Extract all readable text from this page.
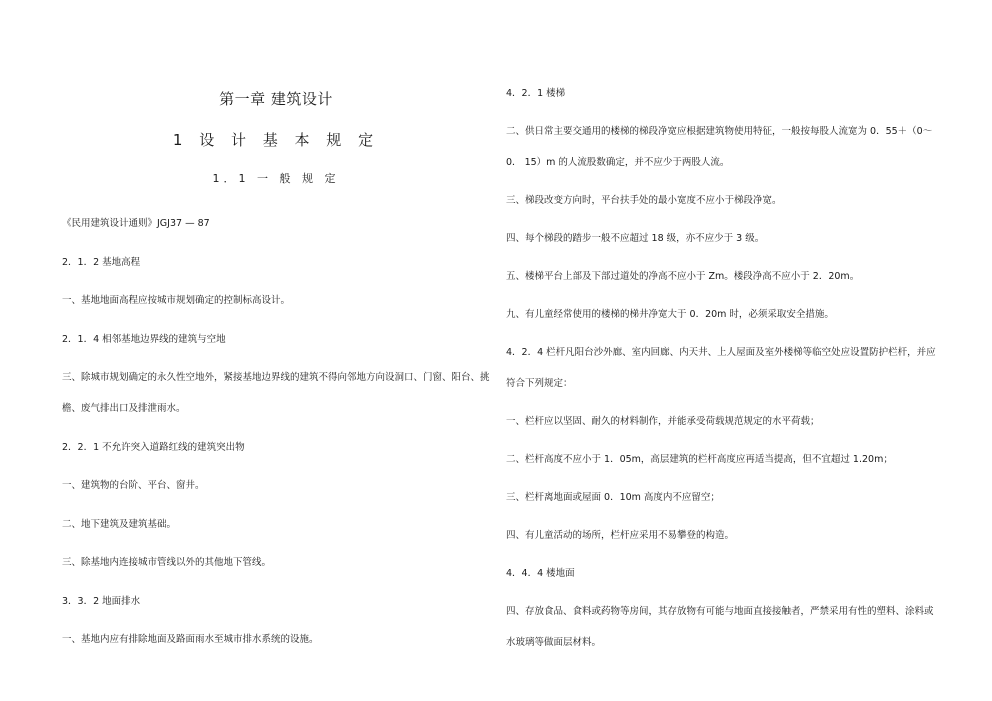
第一章 建筑设计
1 设 计 基 本 规 定
1．1 一 般 规 定
《民用建筑设计通则》JGJ37 — 87
2．1．2 基地高程
一、基地地面高程应按城市规划确定的控制标高设计。
2．1．4 相邻基地边界线的建筑与空地
三、除城市规划确定的永久性空地外，紧接基地边界线的建筑不得向邻地方向设洞口、门窗、阳台、挑檐、废气排出口及排泄雨水。
2．2．1 不允许突入道路红线的建筑突出物
一、建筑物的台阶、平台、窗井。
二、地下建筑及建筑基础。
三、除基地内连接城市管线以外的其他地下管线。
3．3．2 地面排水
一、基地内应有排除地面及路面雨水至城市排水系统的设施。
4．2．1 楼梯
二、供日常主要交通用的楼梯的梯段净宽应根据建筑物使用特征，一般按每股人流宽为 0．55＋（0～0． 15）m 的人流股数确定，并不应少于两股人流。
三、梯段改变方向时，平台扶手处的最小宽度不应小于梯段净宽。
四、每个梯段的踏步一般不应超过 18 级，亦不应少于 3 级。
五、楼梯平台上部及下部过道处的净高不应小于 Zm。楼段净高不应小于 2．20m。
九、有儿童经常使用的楼梯的梯井净宽大于 0．20m 时，必须采取安全措施。
4．2．4 栏杆凡阳台沙外廊、室内回廊、内天井、上人屋面及室外楼梯等临空处应设置防护栏杆，并应符合下列规定：
一、栏杆应以坚固、耐久的材料制作，并能承受荷载规范规定的水平荷载；
二、栏杆高度不应小于 1．05m，高层建筑的栏杆高度应再适当提高，但不宜超过 1.20m；
三、栏杆离地面或屋面 0．10m 高度内不应留空；
四、有儿童活动的场所，栏杆应采用不易攀登的构造。
4．4．4 楼地面
四、存放食品、食料或药物等房间，其存放物有可能与地面直接接触者，严禁采用有性的塑料、涂料或水玻璃等做面层材料。
